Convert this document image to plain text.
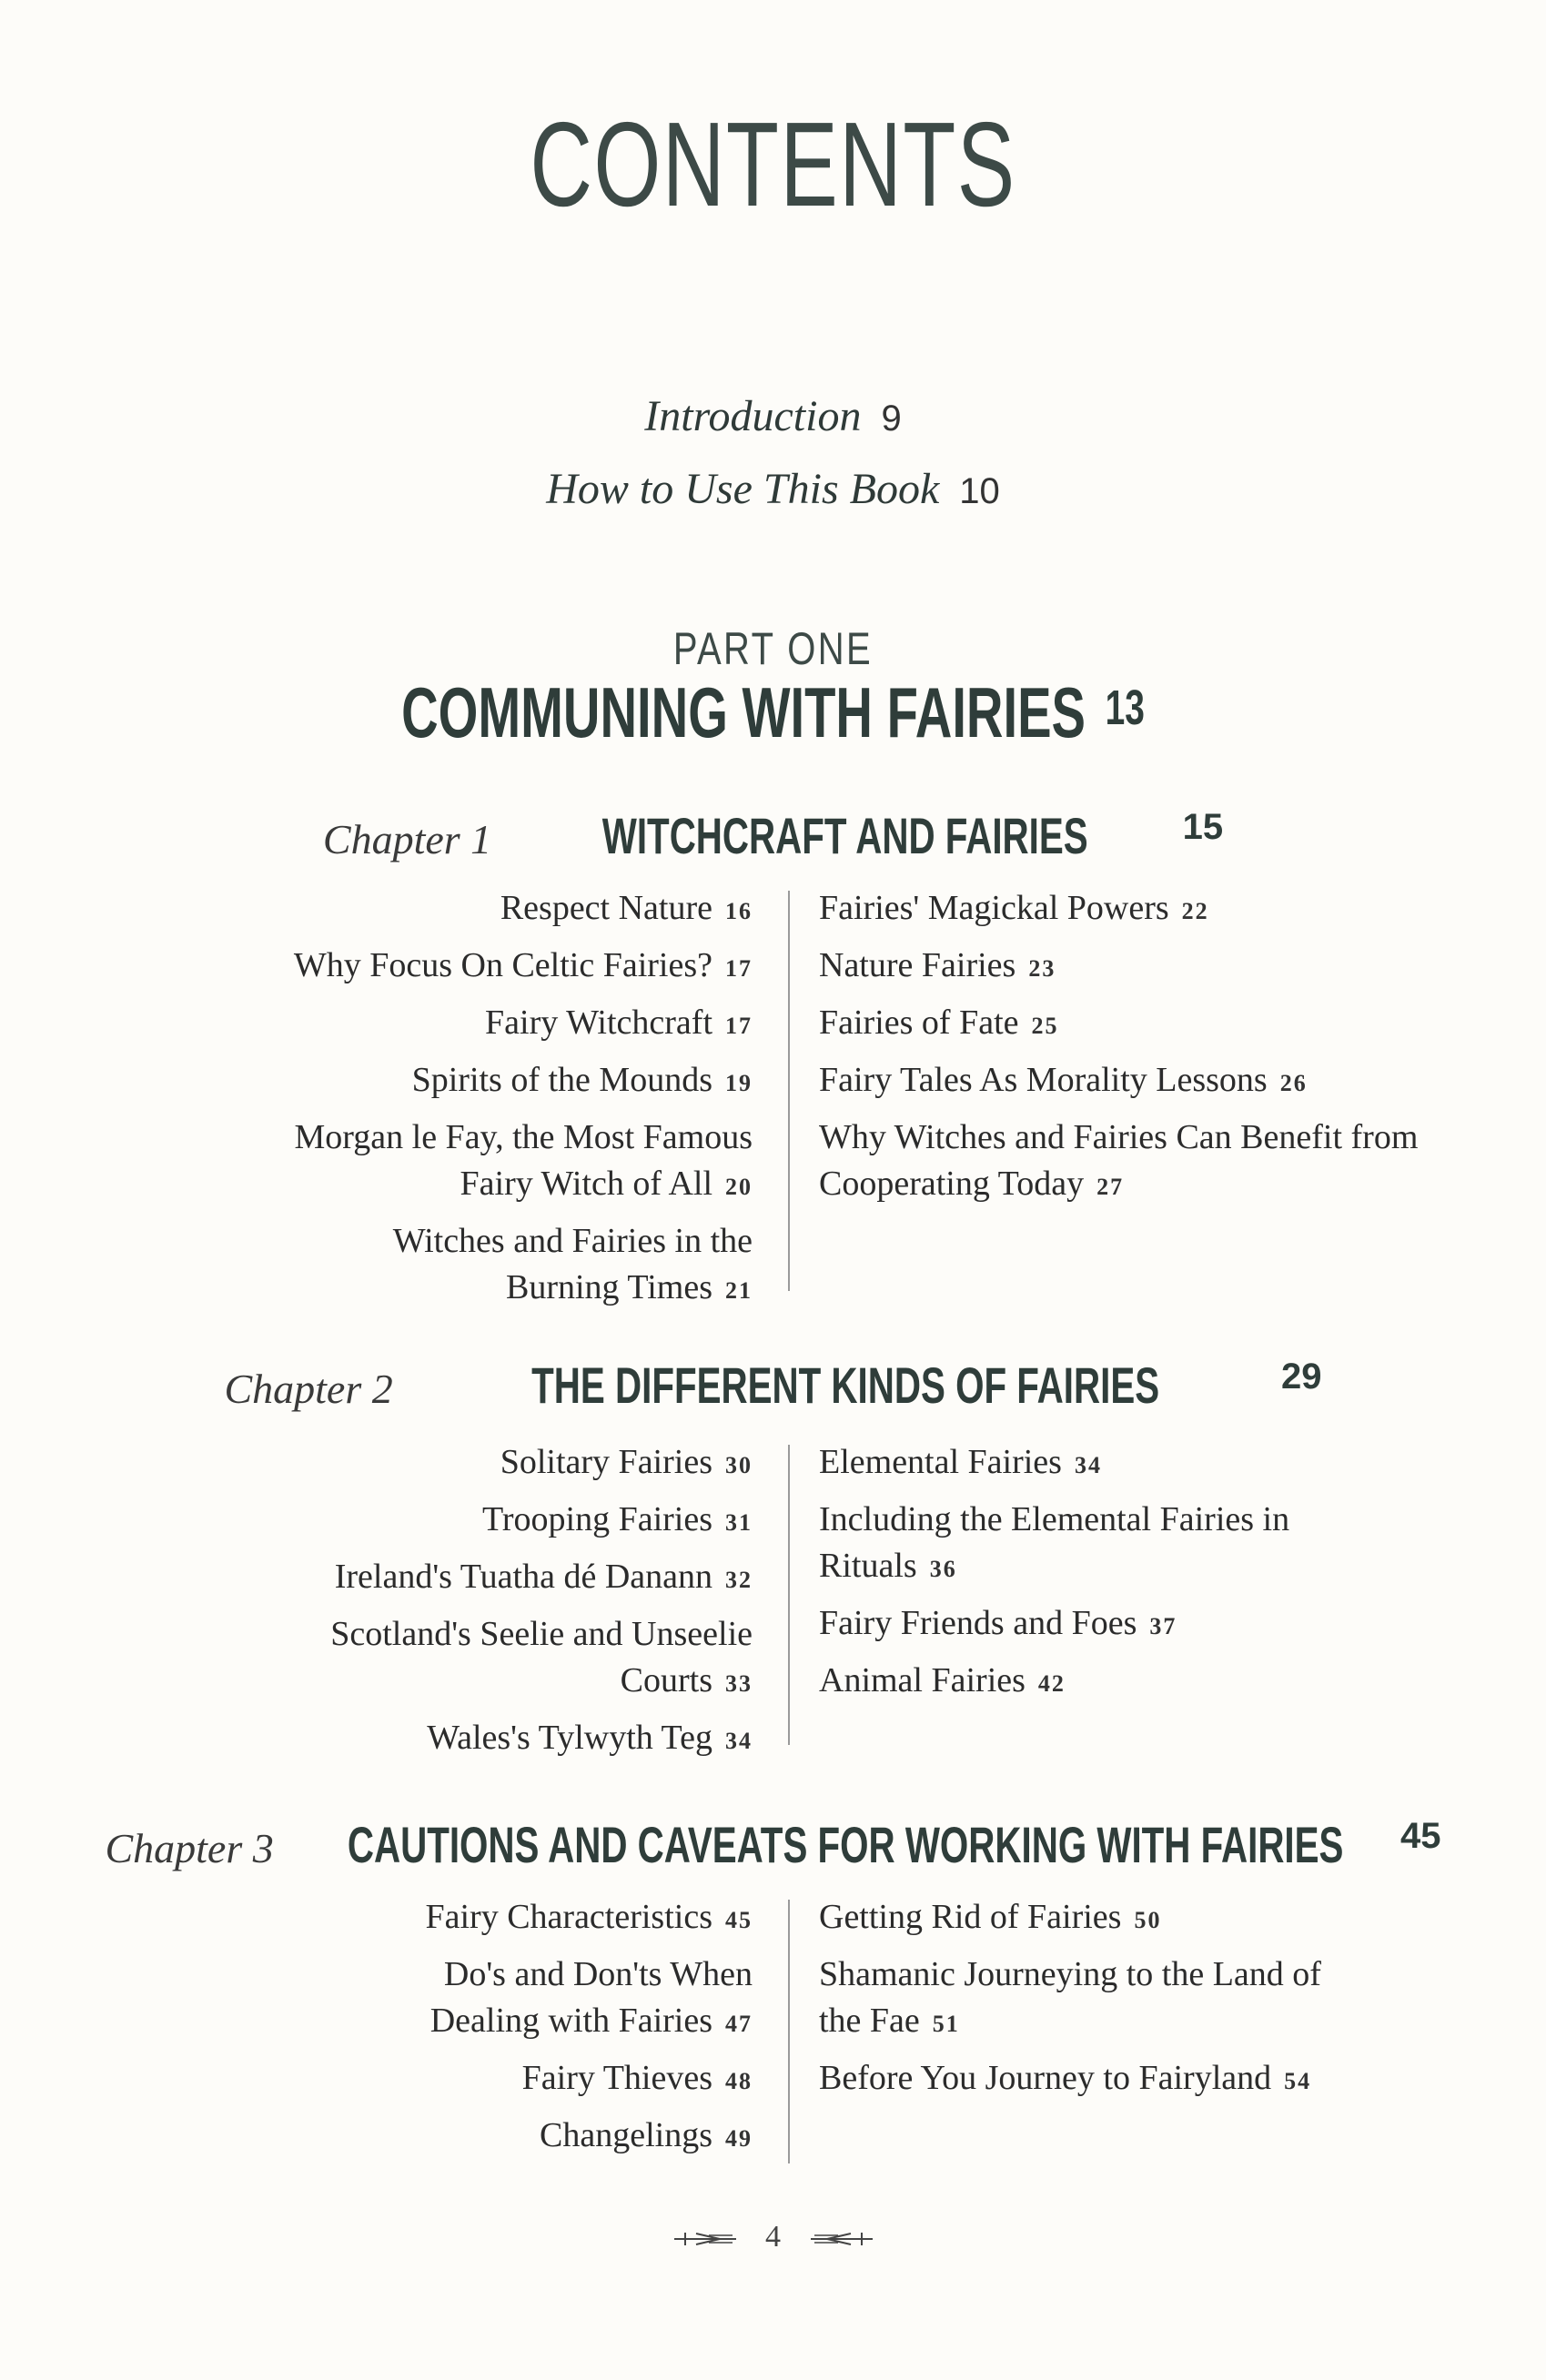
CONTENTS
Introduction 9
How to Use This Book 10
PART ONE
COMMUNING WITH FAIRIES 13
Chapter 1 WITCHCRAFT AND FAIRIES	15
Respect Nature 16
Why Focus On Celtic Fairies? 17
Fairy Witchcraft 17
Spirits of the Mounds 19
Morgan le Fay, the Most Famous Fairy Witch of All 20
Witches and Fairies in the Burning Times 21
Fairies' Magickal Powers 22
Nature Fairies 23
Fairies of Fate 25
Fairy Tales As Morality Lessons 26
Why Witches and Fairies Can Benefit from Cooperating Today 27
Chapter 2	THE DIFFERENT KINDS OF FAIRIES	29
Solitary Fairies 30
Trooping Fairies 31
Ireland's Tuatha dé Danann 32
Scotland's Seelie and Unseelie Courts 33
Wales's Tylwyth Teg 34
Elemental Fairies 34
Including the Elemental Fairies in Rituals 36
Fairy Friends and Foes 37
Animal Fairies 42
Chapter 3 CAUTIONS AND CAVEATS FOR WORKING WITH FAIRIES 45
Fairy Characteristics 45
Do's and Don'ts When Dealing with Fairies 47
Fairy Thieves 48
Changelings 49
Getting Rid of Fairies 50
Shamanic Journeying to the Land of the Fae 51
Before You Journey to Fairyland 54
4
